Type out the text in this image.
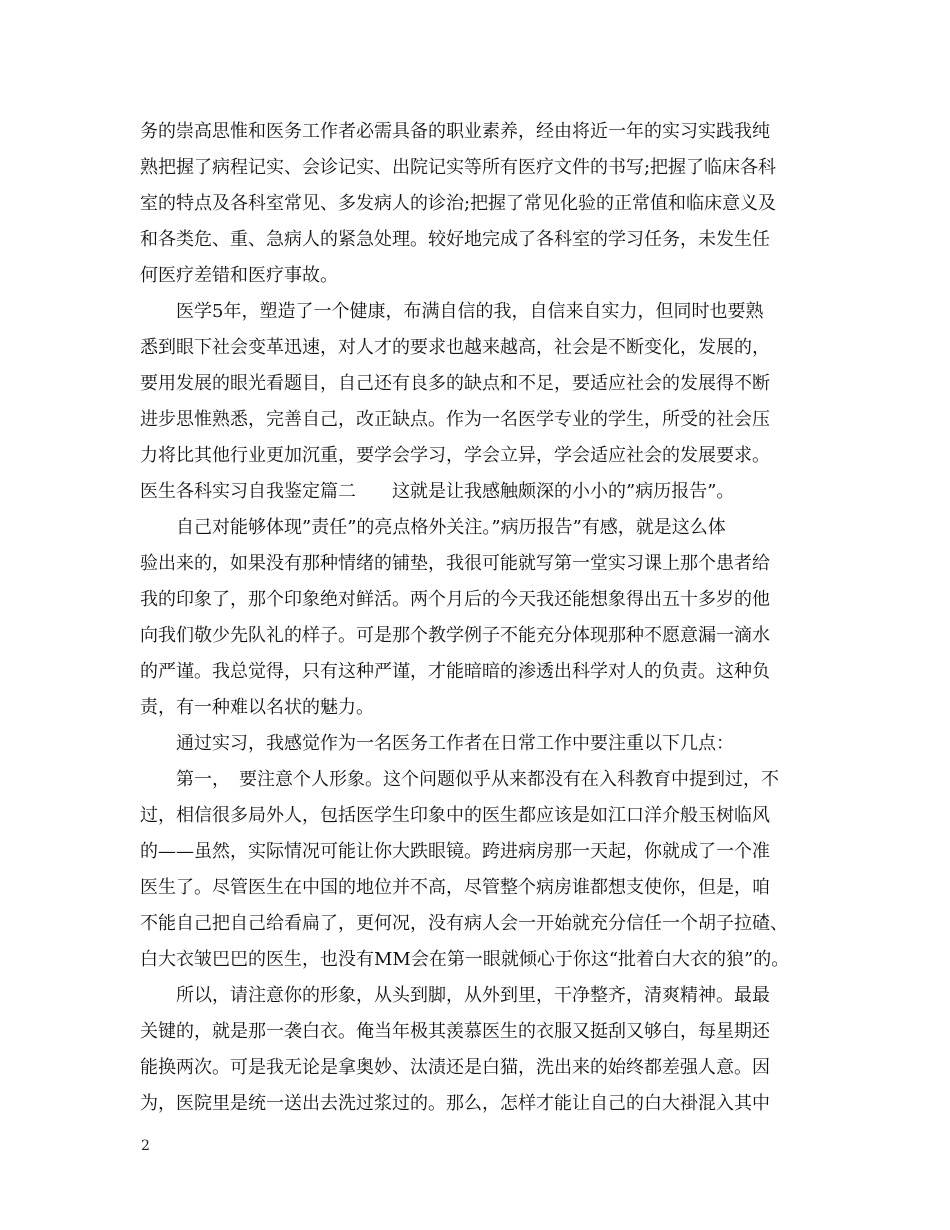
务的崇高思惟和医务工作者必需具备的职业素养，经由将近一年的实习实践我纯
熟把握了病程记实、会诊记实、出院记实等所有医疗文件的书写;把握了临床各科
室的特点及各科室常见、多发病人的诊治;把握了常见化验的正常值和临床意义及
和各类危、重、急病人的紧急处理。较好地完成了各科室的学习任务，未发生任
何医疗差错和医疗事故。
医学5年，塑造了一个健康，布满自信的我，自信来自实力，但同时也要熟
悉到眼下社会变革迅速，对人才的要求也越来越高，社会是不断变化，发展的，
要用发展的眼光看题目，自己还有良多的缺点和不足，要适应社会的发展得不断
进步思惟熟悉，完善自己，改正缺点。作为一名医学专业的学生，所受的社会压
力将比其他行业更加沉重，要学会学习，学会立异，学会适应社会的发展要求。
医生各科实习自我鉴定篇二　　这就是让我感触颇深的小小的”病历报告”。
自己对能够体现”责任”的亮点格外关注。”病历报告”有感，就是这么体
验出来的，如果没有那种情绪的铺垫，我很可能就写第一堂实习课上那个患者给
我的印象了，那个印象绝对鲜活。两个月后的今天我还能想象得出五十多岁的他
向我们敬少先队礼的样子。可是那个教学例子不能充分体现那种不愿意漏一滴水
的严谨。我总觉得，只有这种严谨，才能暗暗的渗透出科学对人的负责。这种负
责，有一种难以名状的魅力。
通过实习，我感觉作为一名医务工作者在日常工作中要注重以下几点：
第一，　要注意个人形象。这个问题似乎从来都没有在入科教育中提到过，不
过，相信很多局外人，包括医学生印象中的医生都应该是如江口洋介般玉树临风
的——虽然，实际情况可能让你大跌眼镜。跨进病房那一天起，你就成了一个准
医生了。尽管医生在中国的地位并不高，尽管整个病房谁都想支使你，但是，咱
不能自己把自己给看扁了，更何况，没有病人会一开始就充分信任一个胡子拉碴、
白大衣皱巴巴的医生，也没有MM会在第一眼就倾心于你这“批着白大衣的狼”的。
所以，请注意你的形象，从头到脚，从外到里，干净整齐，清爽精神。最最
关键的，就是那一袭白衣。俺当年极其羡慕医生的衣服又挺刮又够白，每星期还
能换两次。可是我无论是拿奥妙、汰渍还是白猫，洗出来的始终都差强人意。因
为，医院里是统一送出去洗过浆过的。那么，怎样才能让自己的白大褂混入其中
2
